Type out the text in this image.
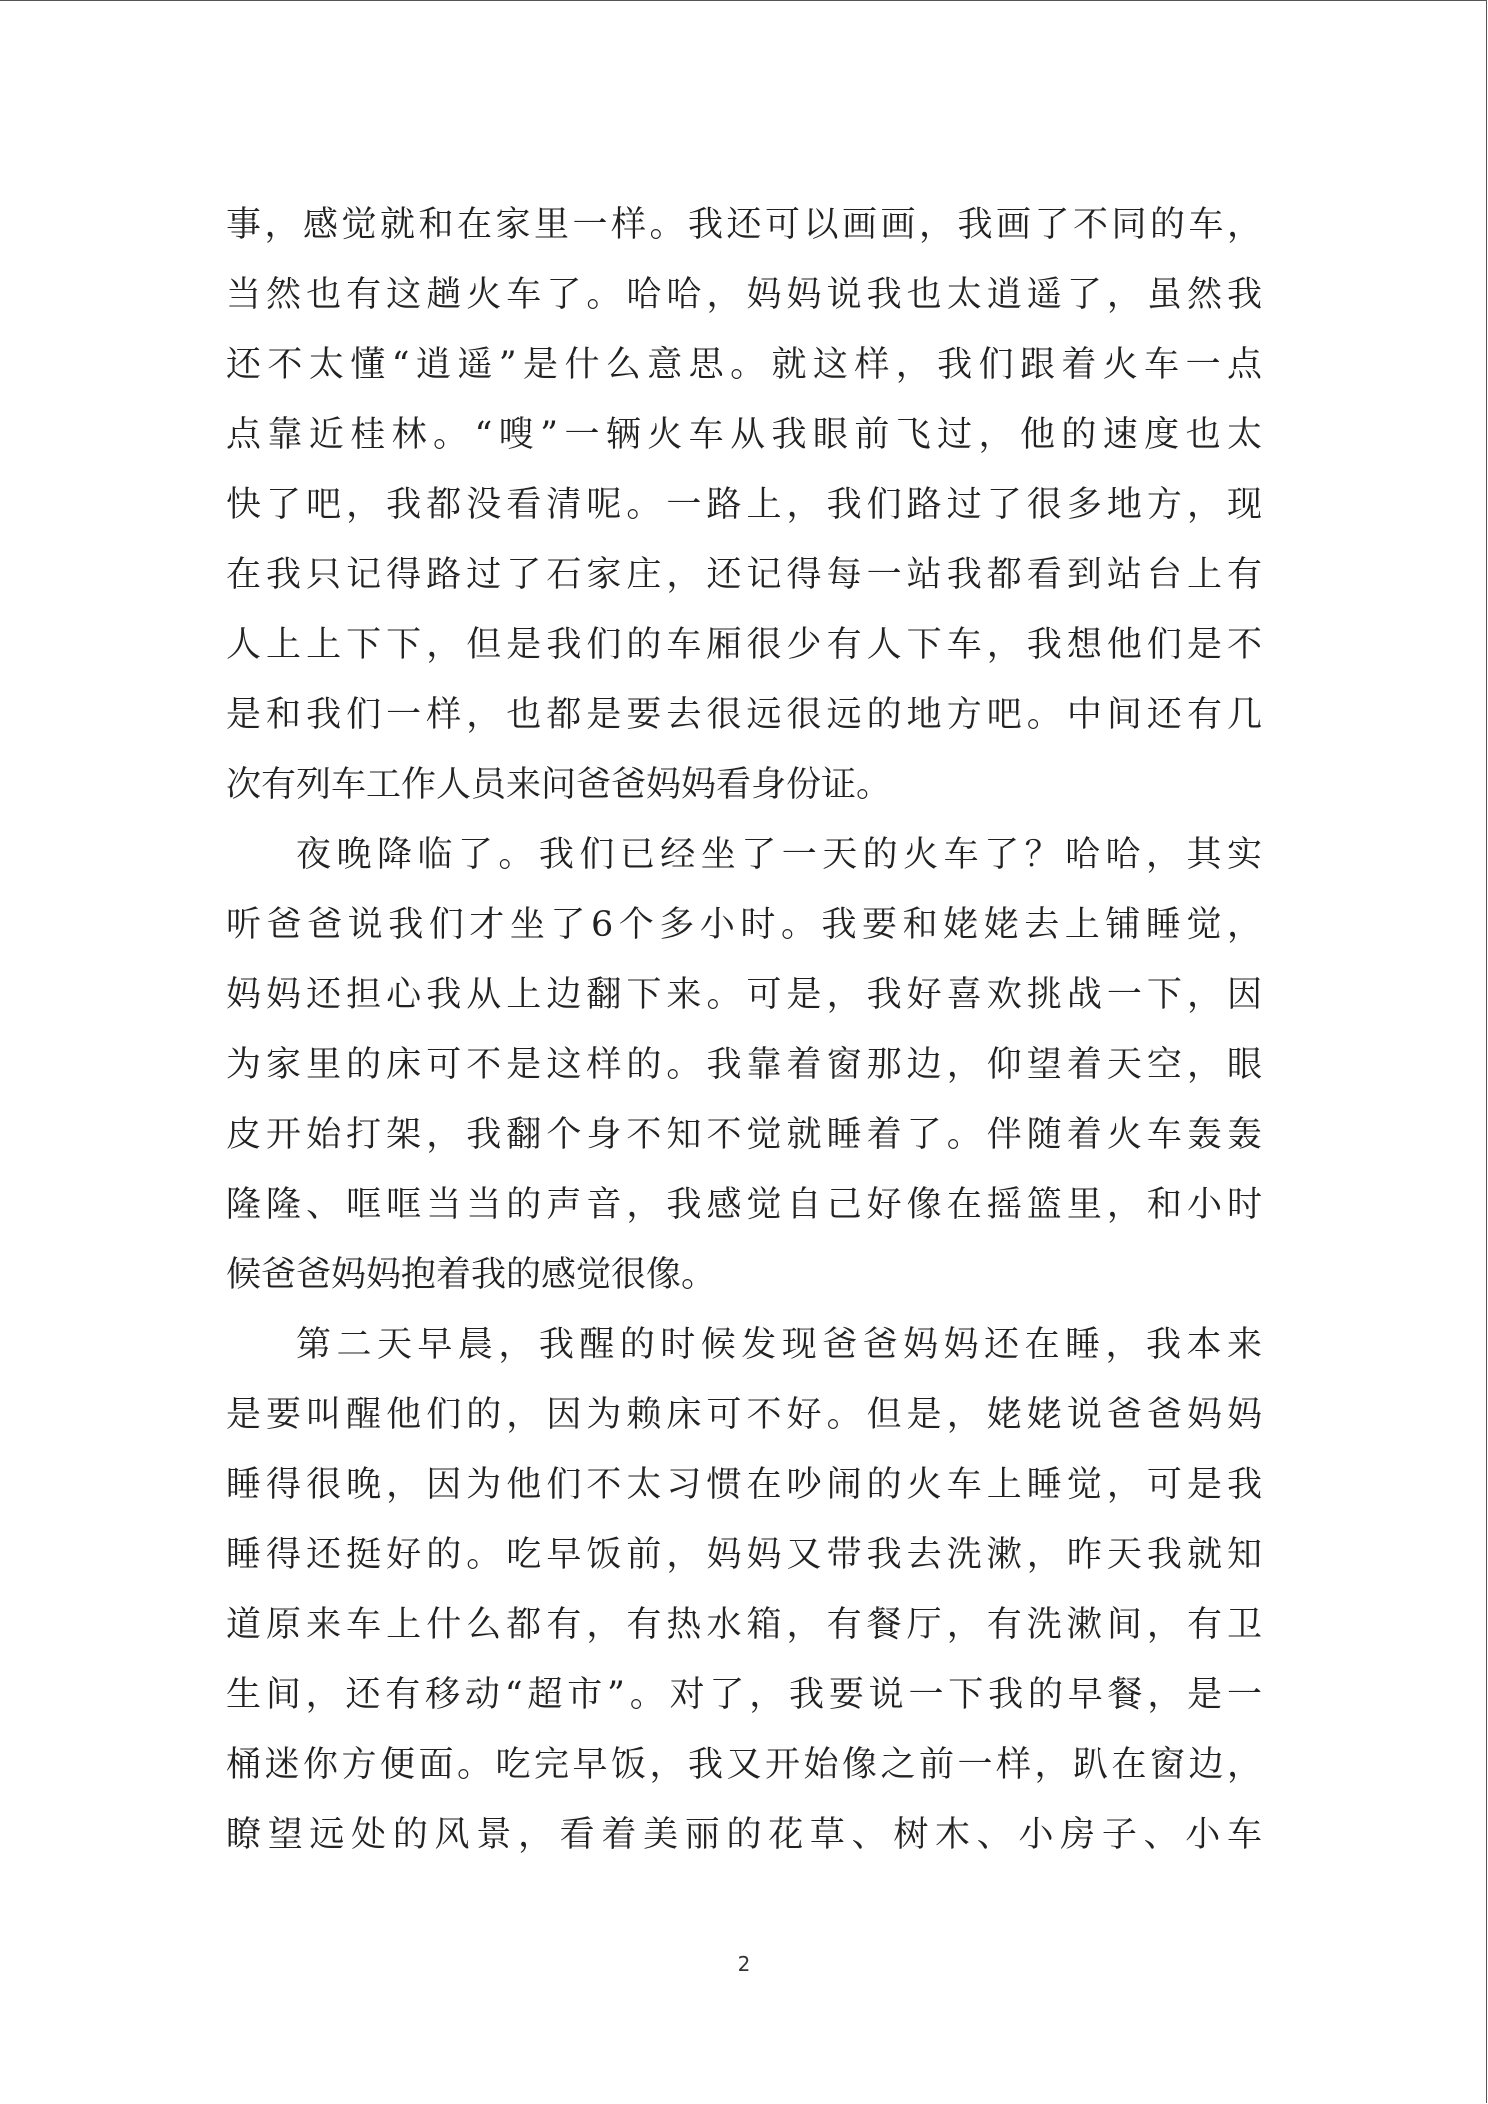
事，感觉就和在家里一样。我还可以画画，我画了不同的车，
当然也有这趟火车了。哈哈，妈妈说我也太逍遥了，虽然我
还不太懂“逍遥”是什么意思。就这样，我们跟着火车一点
点靠近桂林。“嗖”一辆火车从我眼前飞过，他的速度也太
快了吧，我都没看清呢。一路上，我们路过了很多地方，现
在我只记得路过了石家庄，还记得每一站我都看到站台上有
人上上下下，但是我们的车厢很少有人下车，我想他们是不
是和我们一样，也都是要去很远很远的地方吧。中间还有几
次有列车工作人员来问爸爸妈妈看身份证。
夜晚降临了。我们已经坐了一天的火车了？哈哈，其实
听爸爸说我们才坐了6个多小时。我要和姥姥去上铺睡觉，
妈妈还担心我从上边翻下来。可是，我好喜欢挑战一下，因
为家里的床可不是这样的。我靠着窗那边，仰望着天空，眼
皮开始打架，我翻个身不知不觉就睡着了。伴随着火车轰轰
隆隆、哐哐当当的声音，我感觉自己好像在摇篮里，和小时
候爸爸妈妈抱着我的感觉很像。
第二天早晨，我醒的时候发现爸爸妈妈还在睡，我本来
是要叫醒他们的，因为赖床可不好。但是，姥姥说爸爸妈妈
睡得很晚，因为他们不太习惯在吵闹的火车上睡觉，可是我
睡得还挺好的。吃早饭前，妈妈又带我去洗漱，昨天我就知
道原来车上什么都有，有热水箱，有餐厅，有洗漱间，有卫
生间，还有移动“超市”。对了，我要说一下我的早餐，是一
桶迷你方便面。吃完早饭，我又开始像之前一样，趴在窗边，
瞭望远处的风景，看着美丽的花草、树木、小房子、小车
2
